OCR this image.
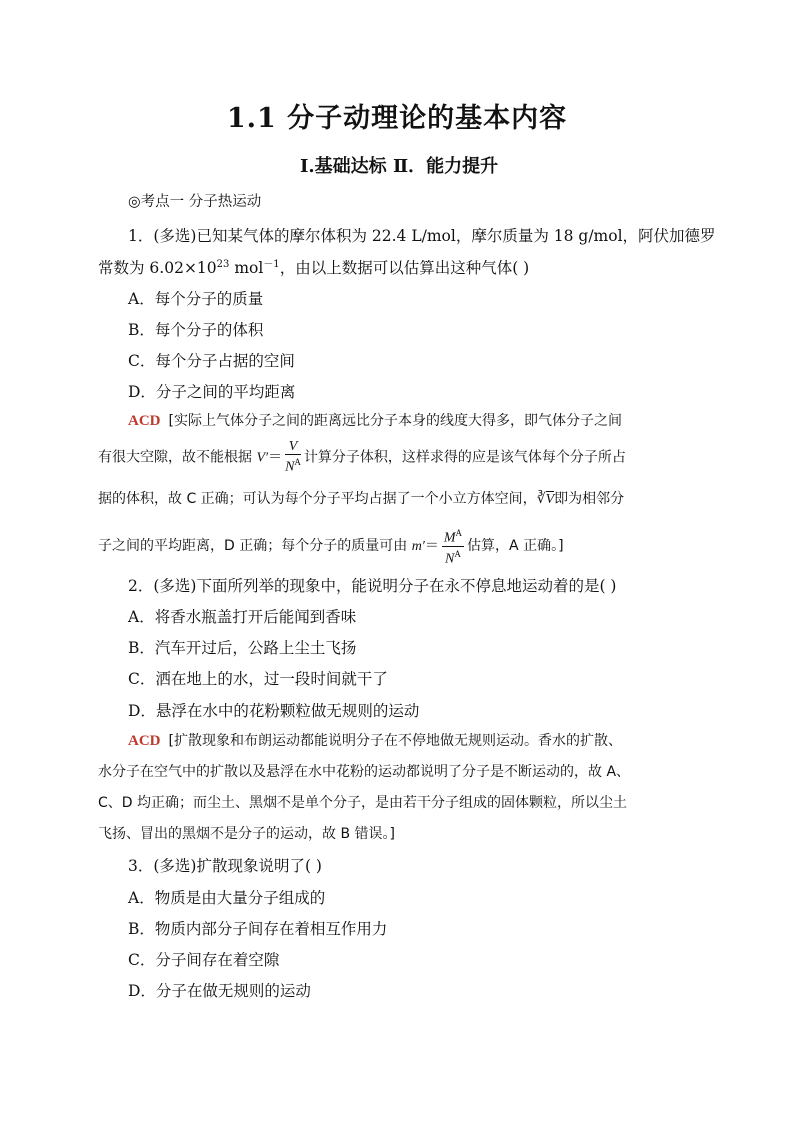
1.1 分子动理论的基本内容
Ⅰ.基础达标 Ⅱ．能力提升
◎考点一 分子热运动
1．(多选)已知某气体的摩尔体积为 22.4 L/mol，摩尔质量为 18 g/mol，阿伏加德罗
常数为 $6.02\times 10^{23}$ mol$^{-1}$，由以上数据可以估算出这种气体( )
A．每个分子的质量
B．每个分子的体积
C．每个分子占据的空间
D．分子之间的平均距离
ACD [实际上气体分子之间的距离远比分子本身的线度大得多，即气体分子之间
有很大空隙，故不能根据 $V'= \frac{V}{N^A}$ 计算分子体积，这样求得的应是该气体每个分子所占
据的体积，故 C 正确；可认为每个分子平均占据了一个小立方体空间，∛V即为相邻分
子之间的平均距离，D 正确；每个分子的质量可由 $m'= \frac{M^A}{N^A}$ 估算，A 正确。]
2．(多选)下面所列举的现象中，能说明分子在永不停息地运动着的是( )
A．将香水瓶盖打开后能闻到香味
B．汽车开过后，公路上尘土飞扬
C．洒在地上的水，过一段时间就干了
D．悬浮在水中的花粉颗粒做无规则的运动
ACD [扩散现象和布朗运动都能说明分子在不停地做无规则运动。香水的扩散、
水分子在空气中的扩散以及悬浮在水中花粉的运动都说明了分子是不断运动的，故 A、
C、D 均正确；而尘土、黑烟不是单个分子，是由若干分子组成的固体颗粒，所以尘土
飞扬、冒出的黑烟不是分子的运动，故 B 错误。]
3．(多选)扩散现象说明了( )
A．物质是由大量分子组成的
B．物质内部分子间存在着相互作用力
C．分子间存在着空隙
D．分子在做无规则的运动
